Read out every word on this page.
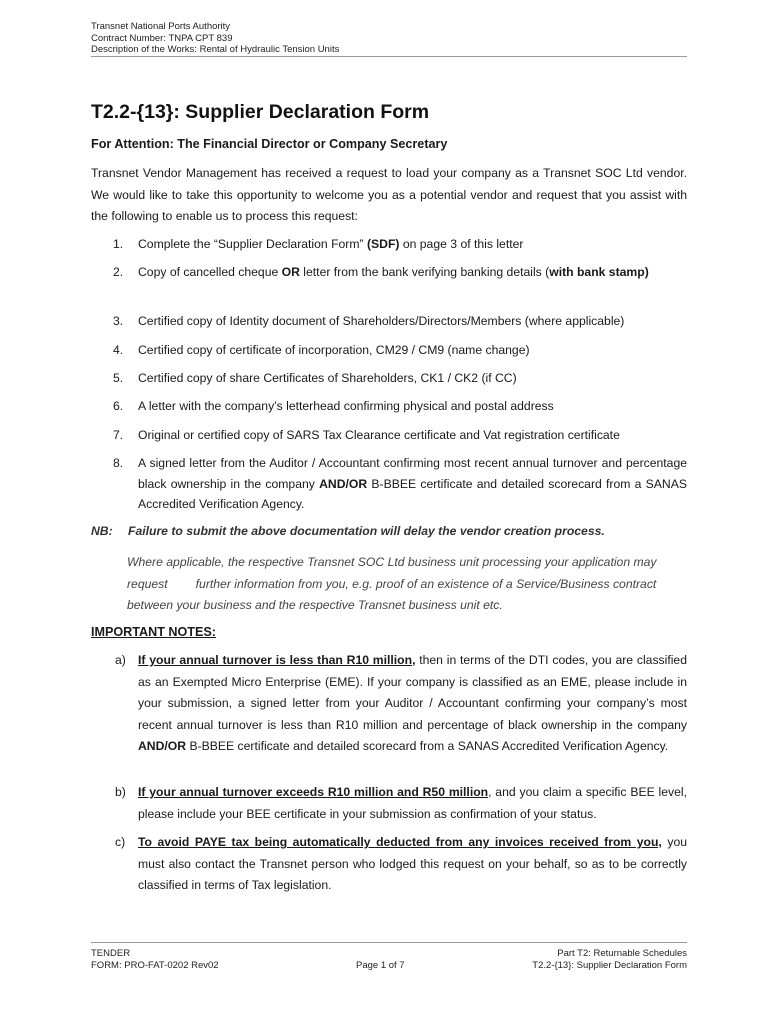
Transnet National Ports Authority
Contract Number: TNPA CPT 839
Description of the Works: Rental of Hydraulic Tension Units
T2.2-{13}: Supplier Declaration Form
For Attention: The Financial Director or Company Secretary
Transnet Vendor Management has received a request to load your company as a Transnet SOC Ltd vendor. We would like to take this opportunity to welcome you as a potential vendor and request that you assist with the following to enable us to process this request:
1.	Complete the “Supplier Declaration Form” (SDF) on page 3 of this letter
2.	Copy of cancelled cheque OR letter from the bank verifying banking details (with bank stamp)
3.	Certified copy of Identity document of Shareholders/Directors/Members (where applicable)
4.	Certified copy of certificate of incorporation, CM29 / CM9 (name change)
5.	Certified copy of share Certificates of Shareholders, CK1 / CK2 (if CC)
6.	A letter with the company’s letterhead confirming physical and postal address
7.	Original or certified copy of SARS Tax Clearance certificate and Vat registration certificate
8.	A signed letter from the Auditor / Accountant confirming most recent annual turnover and percentage black ownership in the company AND/OR B-BBEE certificate and detailed scorecard from a SANAS Accredited Verification Agency.
NB: Failure to submit the above documentation will delay the vendor creation process.
Where applicable, the respective Transnet SOC Ltd business unit processing your application may request further information from you, e.g. proof of an existence of a Service/Business contract between your business and the respective Transnet business unit etc.
IMPORTANT NOTES:
a) If your annual turnover is less than R10 million, then in terms of the DTI codes, you are classified as an Exempted Micro Enterprise (EME). If your company is classified as an EME, please include in your submission, a signed letter from your Auditor / Accountant confirming your company’s most recent annual turnover is less than R10 million and percentage of black ownership in the company AND/OR B-BBEE certificate and detailed scorecard from a SANAS Accredited Verification Agency.
b) If your annual turnover exceeds R10 million and R50 million, and you claim a specific BEE level, please include your BEE certificate in your submission as confirmation of your status.
c) To avoid PAYE tax being automatically deducted from any invoices received from you, you must also contact the Transnet person who lodged this request on your behalf, so as to be correctly classified in terms of Tax legislation.
TENDER
FORM: PRO-FAT-0202 Rev02	Page 1 of 7
Part T2: Returnable Schedules
T2.2-{13}: Supplier Declaration Form
